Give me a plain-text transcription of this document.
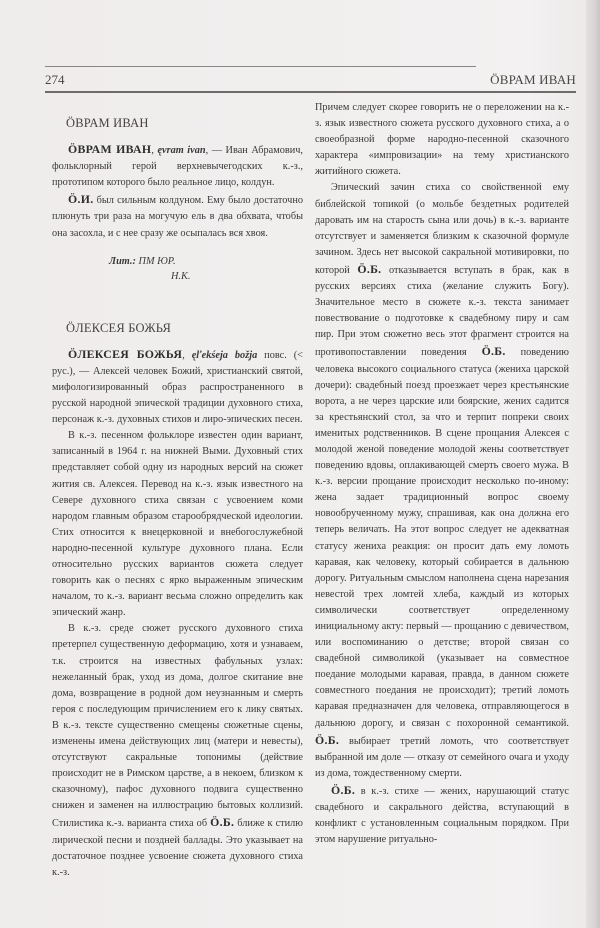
274	ÖВРАМ ИВАН
ÖВРАМ ИВАН

ÖВРАМ ИВАН, ęvram ivan, — Иван Абрамович, фольклорный герой верхневычегодских к.-з., прототипом которого было реальное лицо, колдун.

Ö.И. был сильным колдуном. Ему было достаточно плюнуть три раза на могучую ель в два обхвата, чтобы она засохла, и с нее сразу же осыпалась вся хвоя.

Лит.: ПМ ЮР.
Н.К.
ÖЛЕКСЕЯ БОЖЬЯ

ÖЛЕКСЕЯ БОЖЬЯ, ęľekśeja božja повс. (< рус.), — Алексей человек Божий, христианский святой, мифологизированный образ распространенного в русской народной эпической традиции духовного стиха, персонаж к.-з. духовных стихов и лиро-эпических песен.

В к.-з. песенном фольклоре известен один вариант, записанный в 1964 г. на нижней Выми. Духовный стих представляет собой одну из народных версий на сюжет жития св. Алексея. Перевод на к.-з. язык известного на Севере духовного стиха связан с усвоением коми народом главным образом старообрядческой идеологии. Стих относится к внецерковной и внебогослужебной народно-песенной культуре духовного плана. Если относительно русских вариантов сюжета следует говорить как о песнях с ярко выраженным эпическим началом, то к.-з. вариант весьма сложно определить как эпический жанр.

В к.-з. среде сюжет русского духовного стиха претерпел существенную деформацию, хотя и узнаваем, т.к. строится на известных фабульных узлах: нежеланный брак, уход из дома, долгое скитание вне дома, возвращение в родной дом неузнанным и смерть героя с последующим причислением его к лику святых. В к.-з. тексте существенно смещены сюжетные сцены, изменены имена действующих лиц (матери и невесты), отсутствуют сакральные топонимы (действие происходит не в Римском царстве, а в некоем, близком к сказочному), пафос духовного подвига существенно снижен и заменен на иллюстрацию бытовых коллизий. Стилистика к.-з. варианта стиха об Ö.Б. ближе к стилю лирической песни и поздней баллады. Это указывает на достаточное позднее усвоение сюжета духовного стиха к.-з.

Причем следует скорее говорить не о переложении на к.-з. язык известного сюжета русского духовного стиха, а о своеобразной форме народно-песенной сказочного характера «импровизации» на тему христианского житийного сюжета.

Эпический зачин стиха со свойственной ему библейской топикой (о мольбе бездетных родителей даровать им на старость сына или дочь) в к.-з. варианте отсутствует и заменяется близким к сказочной формуле зачином. Здесь нет высокой сакральной мотивировки, по которой Ö.Б. отказывается вступать в брак, как в русских версиях стиха (желание служить Богу). Значительное место в сюжете к.-з. текста занимает повествование о подготовке к свадебному пиру и сам пир. При этом сюжетно весь этот фрагмент строится на противопоставлении поведения Ö.Б. поведению человека высокого социального статуса (жениха царской дочери): свадебный поезд проезжает через крестьянские ворота, а не через царские или боярские, жених садится за крестьянский стол, за что и терпит попреки своих именитых родственников. В сцене прощания Алексея с молодой женой поведение молодой жены соответствует поведению вдовы, оплакивающей смерть своего мужа. В к.-з. версии прощание происходит несколько по-иному: жена задает традиционный вопрос своему новообрученному мужу, спрашивая, как она должна его теперь величать. На этот вопрос следует не адекватная статусу жениха реакция: он просит дать ему ломоть каравая, как человеку, который собирается в дальнюю дорогу. Ритуальным смыслом наполнена сцена нарезания невестой трех ломтей хлеба, каждый из которых символически соответствует определенному инициальному акту: первый — прощанию с девичеством, или воспоминанию о детстве; второй связан со свадебной символикой (указывает на совместное поедание молодыми каравая, правда, в данном сюжете совместного поедания не происходит); третий ломоть каравая предназначен для человека, отправляющегося в дальнюю дорогу, и связан с похоронной семантикой. Ö.Б. выбирает третий ломоть, что соответствует выбранной им доле — отказу от семейного очага и уходу из дома, тождественному смерти.

Ö.Б. в к.-з. стихе — жених, нарушающий статус свадебного и сакрального действа, вступающий в конфликт с установленным социальным порядком. При этом нарушение ритуально-
